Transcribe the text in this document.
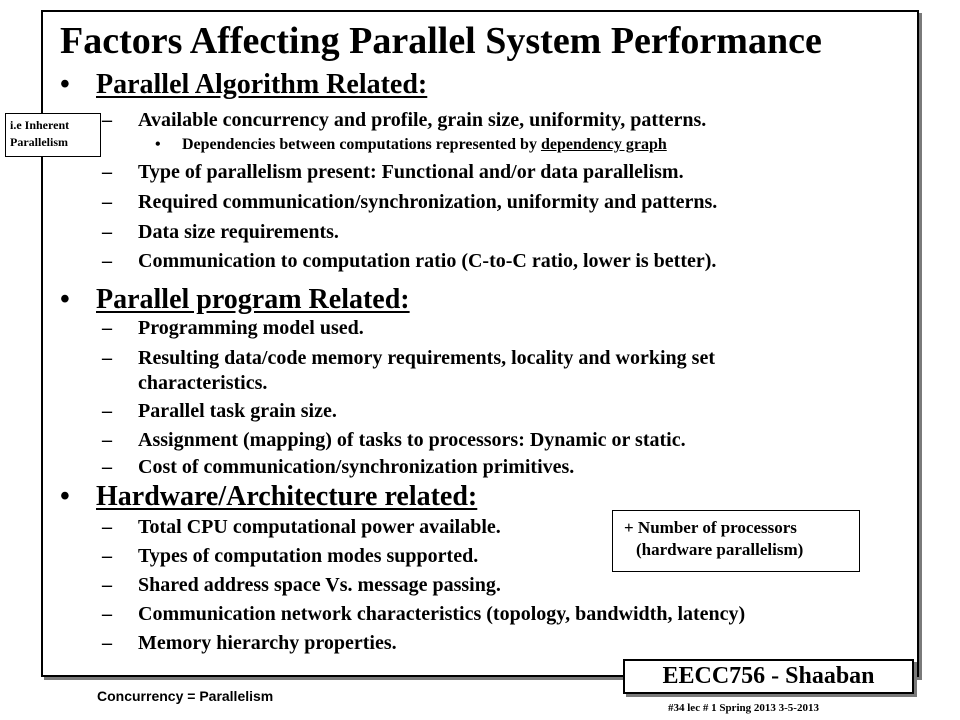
Factors Affecting Parallel System Performance
• Parallel Algorithm Related:
– Available concurrency and profile, grain size, uniformity, patterns.
• Dependencies between computations represented by dependency graph
– Type of parallelism present: Functional and/or data parallelism.
– Required communication/synchronization, uniformity and patterns.
– Data size requirements.
– Communication to computation ratio (C-to-C ratio, lower is better).
• Parallel program Related:
– Programming model used.
– Resulting data/code memory requirements, locality and working set
characteristics.
– Parallel task grain size.
– Assignment (mapping) of tasks to processors: Dynamic or static.
– Cost of communication/synchronization primitives.
• Hardware/Architecture related:
– Total CPU computational power available.
– Types of computation modes supported.
– Shared address space Vs. message passing.
– Communication network characteristics (topology, bandwidth, latency)
– Memory hierarchy properties.
i.e Inherent
Parallelism
+ Number of processors
(hardware parallelism)
EECC756 - Shaaban
Concurrency = Parallelism
#34 lec # 1 Spring 2013 3-5-2013
